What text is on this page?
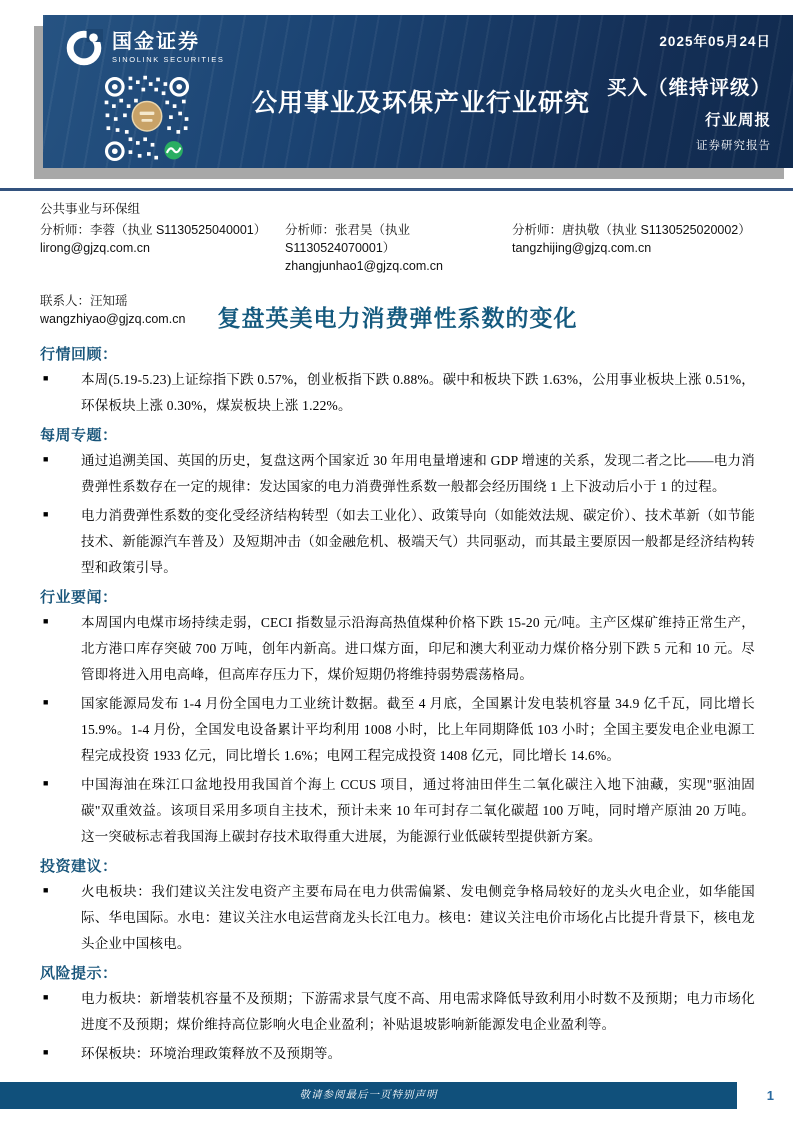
国金证券
SINOLINK SECURITIES
公用事业及环保产业行业研究
2025年05月24日
买入（维持评级）
行业周报
证券研究报告
公共事业与环保组
分析师：李蓉（执业 S1130525040001）
lirong@gjzq.com.cn
分析师：张君昊（执业 S1130524070001）
zhangjunhao1@gjzq.com.cn
分析师：唐执敬（执业 S1130525020002）
tangzhijing@gjzq.com.cn
联系人：汪知瑶
wangzhiyao@gjzq.com.cn	复盘英美电力消费弹性系数的变化
行情回顾：
■	本周(5.19-5.23)上证综指下跌 0.57%，创业板指下跌 0.88%。碳中和板块下跌 1.63%，公用事业板块上涨 0.51%，环保板块上涨 0.30%，煤炭板块上涨 1.22%。

每周专题：
■	通过追溯美国、英国的历史，复盘这两个国家近 30 年用电量增速和 GDP 增速的关系，发现二者之比——电力消费弹性系数存在一定的规律：发达国家的电力消费弹性系数一般都会经历围绕 1 上下波动后小于 1 的过程。

■	电力消费弹性系数的变化受经济结构转型（如去工业化）、政策导向（如能效法规、碳定价）、技术革新（如节能技术、新能源汽车普及）及短期冲击（如金融危机、极端天气）共同驱动，而其最主要原因一般都是经济结构转型和政策引导。

行业要闻：
■	本周国内电煤市场持续走弱，CECI 指数显示沿海高热值煤种价格下跌 15-20 元/吨。主产区煤矿维持正常生产，北方港口库存突破 700 万吨，创年内新高。进口煤方面，印尼和澳大利亚动力煤价格分别下跌 5 元和 10 元。尽管即将进入用电高峰，但高库存压力下，煤价短期仍将维持弱势震荡格局。

■	国家能源局发布 1-4 月份全国电力工业统计数据。截至 4 月底，全国累计发电装机容量 34.9 亿千瓦，同比增长 15.9%。1-4 月份，全国发电设备累计平均利用 1008 小时，比上年同期降低 103 小时；全国主要发电企业电源工程完成投资 1933 亿元，同比增长 1.6%；电网工程完成投资 1408 亿元，同比增长 14.6%。

■	中国海油在珠江口盆地投用我国首个海上 CCUS 项目，通过将油田伴生二氧化碳注入地下油藏，实现"驱油固碳"双重效益。该项目采用多项自主技术，预计未来 10 年可封存二氧化碳超 100 万吨，同时增产原油 20 万吨。这一突破标志着我国海上碳封存技术取得重大进展，为能源行业低碳转型提供新方案。

投资建议：
■	火电板块：我们建议关注发电资产主要布局在电力供需偏紧、发电侧竞争格局较好的龙头火电企业，如华能国际、华电国际。水电：建议关注水电运营商龙头长江电力。核电：建议关注电价市场化占比提升背景下，核电龙头企业中国核电。

风险提示：
■	电力板块：新增装机容量不及预期；下游需求景气度不高、用电需求降低导致利用小时数不及预期；电力市场化进度不及预期；煤价维持高位影响火电企业盈利；补贴退坡影响新能源发电企业盈利等。

■	环保板块：环境治理政策释放不及预期等。

敬请参阅最后一页特别声明	1
